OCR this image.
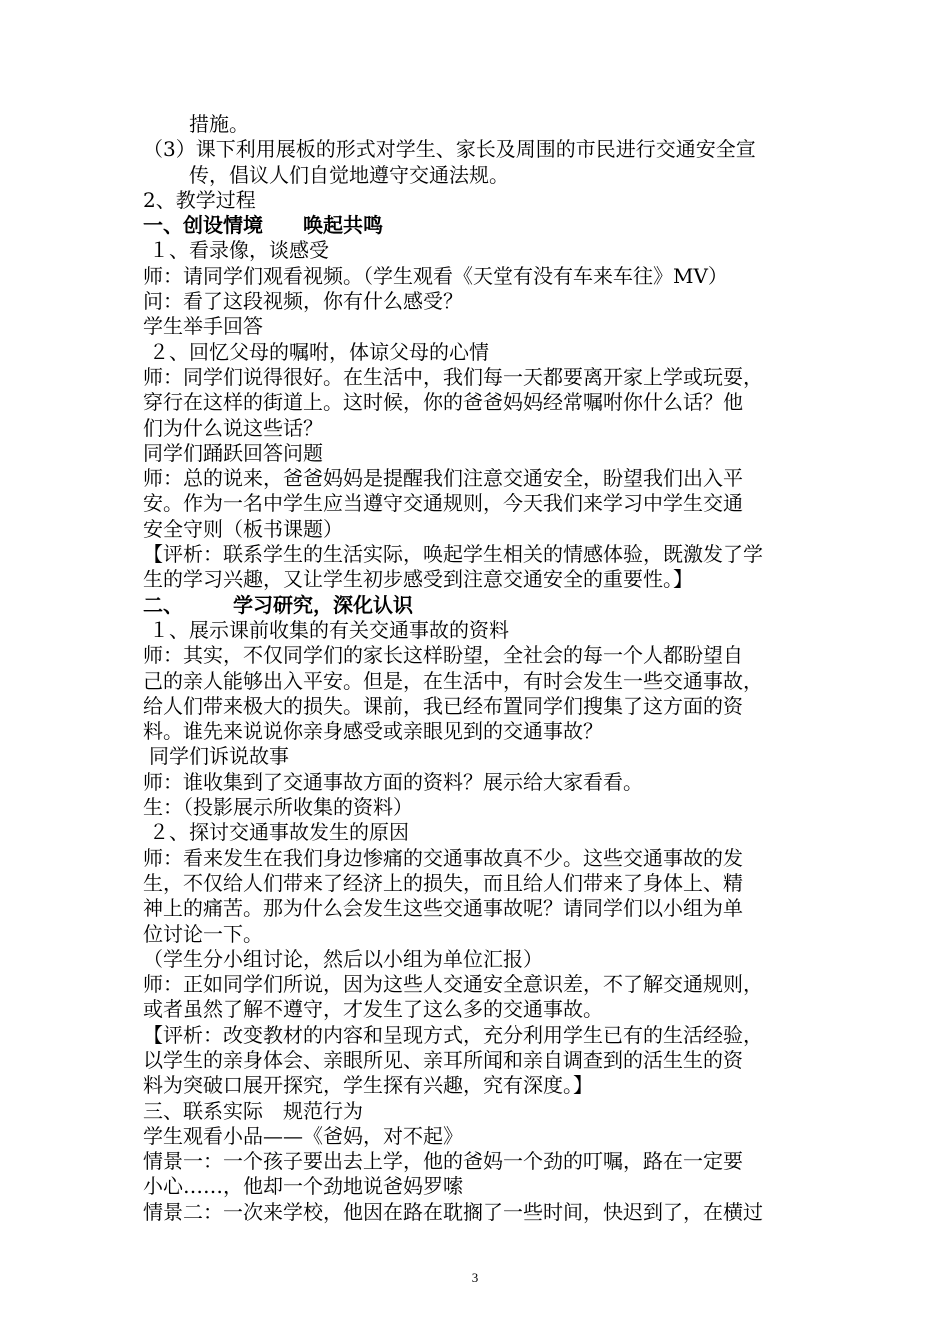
措施。
（3）课下利用展板的形式对学生、家长及周围的市民进行交通安全宣
传，倡议人们自觉地遵守交通法规。
2、教学过程
一、创设情境　　唤起共鸣
１、看录像，谈感受
师：请同学们观看视频。（学生观看《天堂有没有车来车往》MV）
问：看了这段视频，你有什么感受？
学生举手回答
２、回忆父母的嘱咐，体谅父母的心情
师：同学们说得很好。在生活中，我们每一天都要离开家上学或玩耍，
穿行在这样的街道上。这时候，你的爸爸妈妈经常嘱咐你什么话？他
们为什么说这些话？
同学们踊跃回答问题
师：总的说来，爸爸妈妈是提醒我们注意交通安全，盼望我们出入平
安。作为一名中学生应当遵守交通规则，今天我们来学习中学生交通
安全守则（板书课题）
【评析：联系学生的生活实际，唤起学生相关的情感体验，既激发了学
生的学习兴趣，又让学生初步感受到注意交通安全的重要性。】
二、　　　学习研究，深化认识
１、展示课前收集的有关交通事故的资料
师：其实，不仅同学们的家长这样盼望，全社会的每一个人都盼望自
己的亲人能够出入平安。但是，在生活中，有时会发生一些交通事故，
给人们带来极大的损失。课前，我已经布置同学们搜集了这方面的资
料。谁先来说说你亲身感受或亲眼见到的交通事故？
同学们诉说故事
师：谁收集到了交通事故方面的资料？展示给大家看看。
生：（投影展示所收集的资料）
２、探讨交通事故发生的原因
师：看来发生在我们身边惨痛的交通事故真不少。这些交通事故的发
生，不仅给人们带来了经济上的损失，而且给人们带来了身体上、精
神上的痛苦。那为什么会发生这些交通事故呢？请同学们以小组为单
位讨论一下。
（学生分小组讨论，然后以小组为单位汇报）
师：正如同学们所说，因为这些人交通安全意识差，不了解交通规则，
或者虽然了解不遵守，才发生了这么多的交通事故。
【评析：改变教材的内容和呈现方式，充分利用学生已有的生活经验，
以学生的亲身体会、亲眼所见、亲耳所闻和亲自调查到的活生生的资
料为突破口展开探究，学生探有兴趣，究有深度。】
三、联系实际　规范行为
学生观看小品——《爸妈，对不起》
情景一：一个孩子要出去上学，他的爸妈一个劲的叮嘱，路在一定要
小心……，他却一个劲地说爸妈罗嗦
情景二：一次来学校，他因在路在耽搁了一些时间，快迟到了，在横过
3
